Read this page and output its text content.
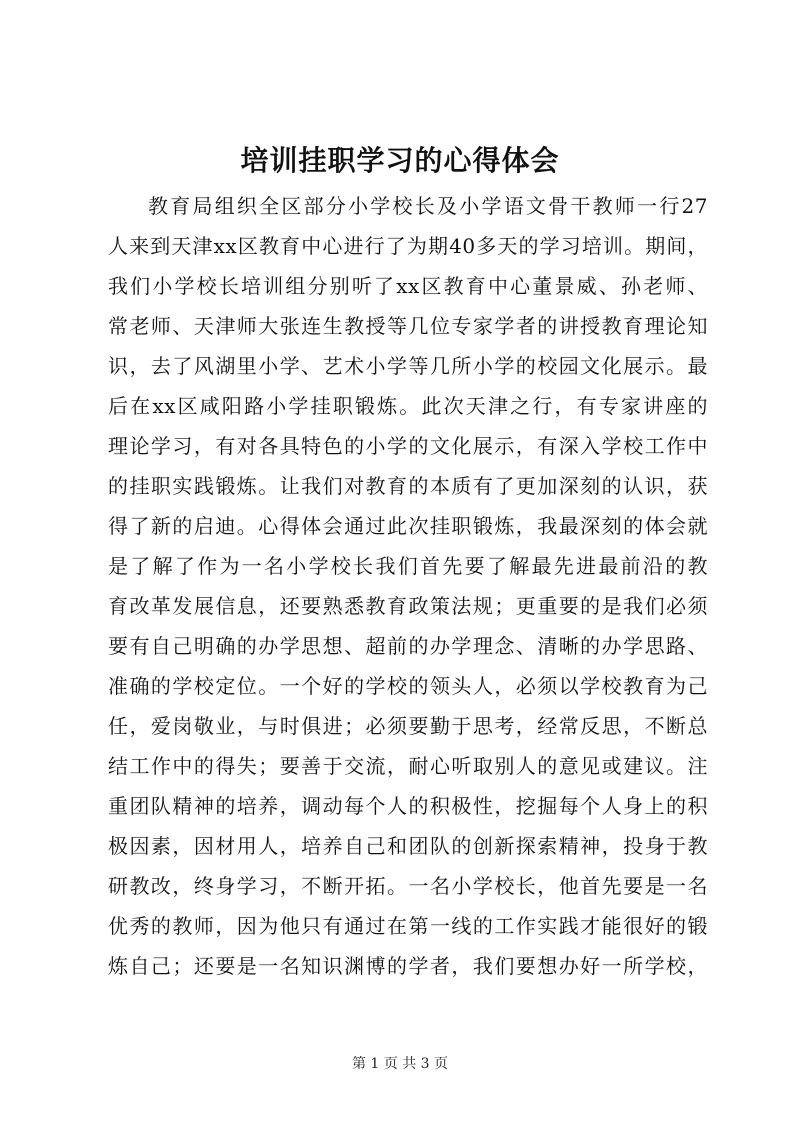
培训挂职学习的心得体会
教育局组织全区部分小学校长及小学语文骨干教师一行27
人来到天津xx区教育中心进行了为期40多天的学习培训。期间，
我们小学校长培训组分别听了xx区教育中心董景威、孙老师、
常老师、天津师大张连生教授等几位专家学者的讲授教育理论知
识，去了风湖里小学、艺术小学等几所小学的校园文化展示。最
后在xx区咸阳路小学挂职锻炼。此次天津之行，有专家讲座的
理论学习，有对各具特色的小学的文化展示，有深入学校工作中
的挂职实践锻炼。让我们对教育的本质有了更加深刻的认识，获
得了新的启迪。心得体会通过此次挂职锻炼，我最深刻的体会就
是了解了作为一名小学校长我们首先要了解最先进最前沿的教
育改革发展信息，还要熟悉教育政策法规；更重要的是我们必须
要有自己明确的办学思想、超前的办学理念、清晰的办学思路、
准确的学校定位。一个好的学校的领头人，必须以学校教育为己
任，爱岗敬业，与时俱进；必须要勤于思考，经常反思，不断总
结工作中的得失；要善于交流，耐心听取别人的意见或建议。注
重团队精神的培养，调动每个人的积极性，挖掘每个人身上的积
极因素，因材用人，培养自己和团队的创新探索精神，投身于教
研教改，终身学习，不断开拓。一名小学校长，他首先要是一名
优秀的教师，因为他只有通过在第一线的工作实践才能很好的锻
炼自己；还要是一名知识渊博的学者，我们要想办好一所学校，
第 1 页 共 3 页
